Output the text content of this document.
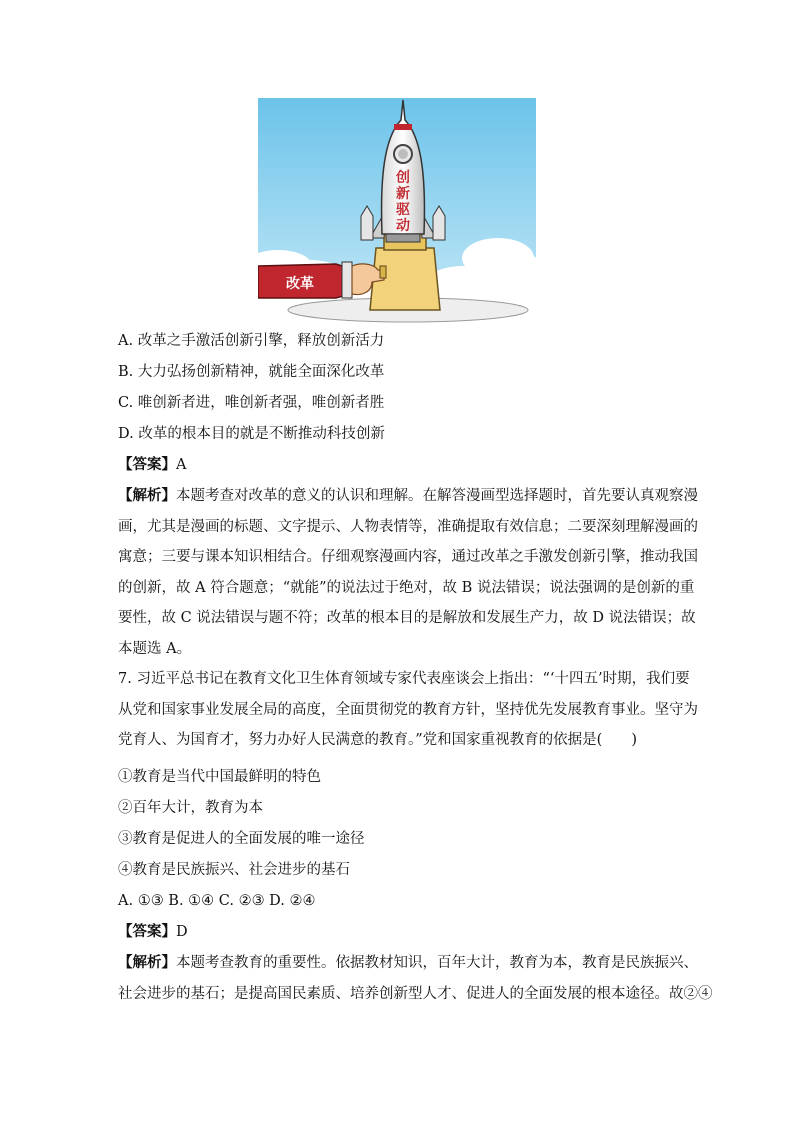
创
新
驱
动
改革
A. 改革之手激活创新引擎，释放创新活力
B. 大力弘扬创新精神，就能全面深化改革
C. 唯创新者进，唯创新者强，唯创新者胜
D. 改革的根本目的就是不断推动科技创新
【答案】A
【解析】本题考查对改革的意义的认识和理解。在解答漫画型选择题时，首先要认真观察漫
画，尤其是漫画的标题、文字提示、人物表情等，准确提取有效信息；二要深刻理解漫画的
寓意；三要与课本知识相结合。仔细观察漫画内容，通过改革之手激发创新引擎，推动我国
的创新，故 A 符合题意；“就能”的说法过于绝对，故 B 说法错误；说法强调的是创新的重
要性，故 C 说法错误与题不符；改革的根本目的是解放和发展生产力，故 D 说法错误；故
本题选 A。
7. 习近平总书记在教育文化卫生体育领域专家代表座谈会上指出：“‘十四五’时期，我们要
从党和国家事业发展全局的高度，全面贯彻党的教育方针，坚持优先发展教育事业。坚守为
党育人、为国育才，努力办好人民满意的教育。”党和国家重视教育的依据是(　　)
①教育是当代中国最鲜明的特色
②百年大计，教育为本
③教育是促进人的全面发展的唯一途径
④教育是民族振兴、社会进步的基石
A. ①③ B. ①④ C. ②③ D. ②④
【答案】D
【解析】本题考查教育的重要性。依据教材知识，百年大计，教育为本，教育是民族振兴、
社会进步的基石；是提高国民素质、培养创新型人才、促进人的全面发展的根本途径。故②④
